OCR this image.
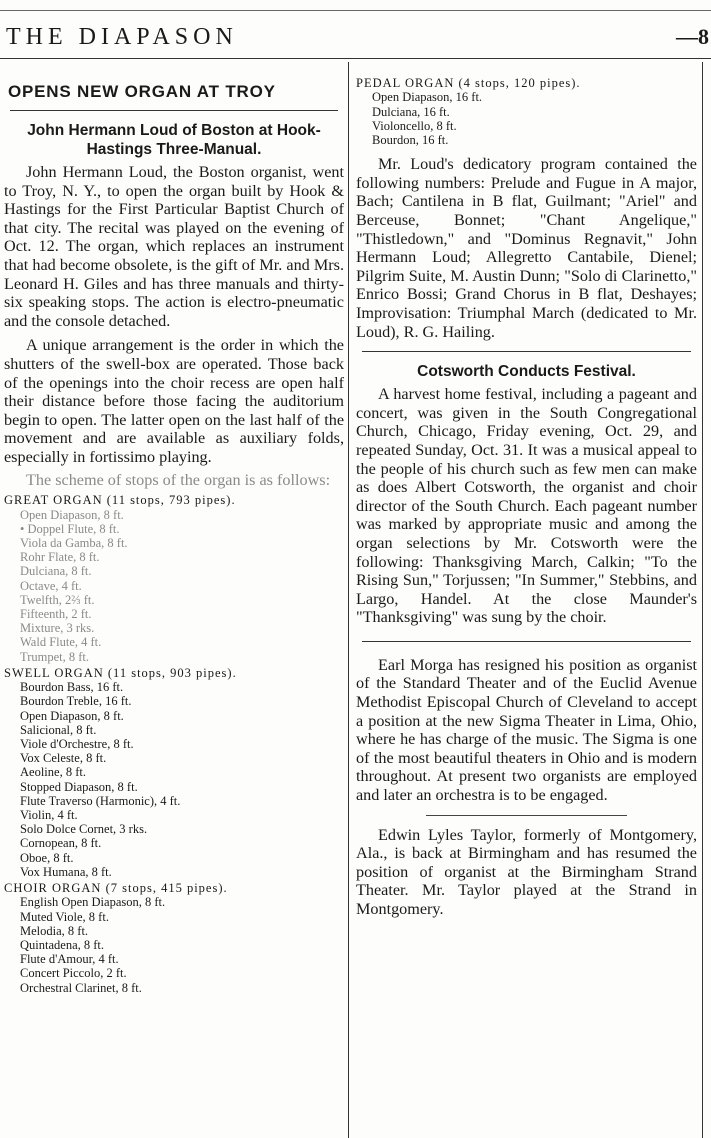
THE DIAPASON	—8
OPENS NEW ORGAN AT TROY
John Hermann Loud of Boston at Hook-Hastings Three-Manual.

John Hermann Loud, the Boston organist, went to Troy, N. Y., to open the organ built by Hook & Hastings for the First Particular Baptist Church of that city. The recital was played on the evening of Oct. 12. The organ, which replaces an instrument that had become obsolete, is the gift of Mr. and Mrs. Leonard H. Giles and has three manuals and thirty-six speaking stops. The action is electro-pneumatic and the console detached.

A unique arrangement is the order in which the shutters of the swell-box are operated. Those back of the openings into the choir recess are open half their distance before those facing the auditorium begin to open. The latter open on the last half of the movement and are available as auxiliary folds, especially in fortissimo playing.

The scheme of stops of the organ is as follows:

GREAT ORGAN (11 stops, 793 pipes).
Open Diapason, 8 ft.
• Doppel Flute, 8 ft.
Viola da Gamba, 8 ft.
Rohr Flate, 8 ft.
Dulciana, 8 ft.
Octave, 4 ft.
Twelfth, 2⅔ ft.
Fifteenth, 2 ft.
Mixture, 3 rks.
Wald Flute, 4 ft.
Trumpet, 8 ft.
SWELL ORGAN (11 stops, 903 pipes).
Bourdon Bass, 16 ft.
Bourdon Treble, 16 ft.
Open Diapason, 8 ft.
Salicional, 8 ft.
Viole d'Orchestre, 8 ft.
Vox Celeste, 8 ft.
Aeoline, 8 ft.
Stopped Diapason, 8 ft.
Flute Traverso (Harmonic), 4 ft.
Violin, 4 ft.
Solo Dolce Cornet, 3 rks.
Cornopean, 8 ft.
Oboe, 8 ft.
Vox Humana, 8 ft.
CHOIR ORGAN (7 stops, 415 pipes).
English Open Diapason, 8 ft.
Muted Viole, 8 ft.
Melodia, 8 ft.
Quintadena, 8 ft.
Flute d'Amour, 4 ft.
Concert Piccolo, 2 ft.
Orchestral Clarinet, 8 ft.
PEDAL ORGAN (4 stops, 120 pipes).
Open Diapason, 16 ft.
Dulciana, 16 ft.
Violoncello, 8 ft.
Bourdon, 16 ft.

Mr. Loud's dedicatory program contained the following numbers: Prelude and Fugue in A major, Bach; Cantilena in B flat, Guilmant; "Ariel" and Berceuse, Bonnet; "Chant Angelique," "Thistledown," and "Dominus Regnavit," John Hermann Loud; Allegretto Cantabile, Dienel; Pilgrim Suite, M. Austin Dunn; "Solo di Clarinetto," Enrico Bossi; Grand Chorus in B flat, Deshayes; Improvisation: Triumphal March (dedicated to Mr. Loud), R. G. Hailing.

Cotsworth Conducts Festival.

A harvest home festival, including a pageant and concert, was given in the South Congregational Church, Chicago, Friday evening, Oct. 29, and repeated Sunday, Oct. 31. It was a musical appeal to the people of his church such as few men can make as does Albert Cotsworth, the organist and choir director of the South Church. Each pageant number was marked by appropriate music and among the organ selections by Mr. Cotsworth were the following: Thanksgiving March, Calkin; "To the Rising Sun," Torjussen; "In Summer," Stebbins, and Largo, Handel. At the close Maunder's "Thanksgiving" was sung by the choir.

Earl Morga has resigned his position as organist of the Standard Theater and of the Euclid Avenue Methodist Episcopal Church of Cleveland to accept a position at the new Sigma Theater in Lima, Ohio, where he has charge of the music. The Sigma is one of the most beautiful theaters in Ohio and is modern throughout. At present two organists are employed and later an orchestra is to be engaged.

Edwin Lyles Taylor, formerly of Montgomery, Ala., is back at Birmingham and has resumed the position of organist at the Birmingham Strand Theater. Mr. Taylor played at the Strand in Montgomery.
